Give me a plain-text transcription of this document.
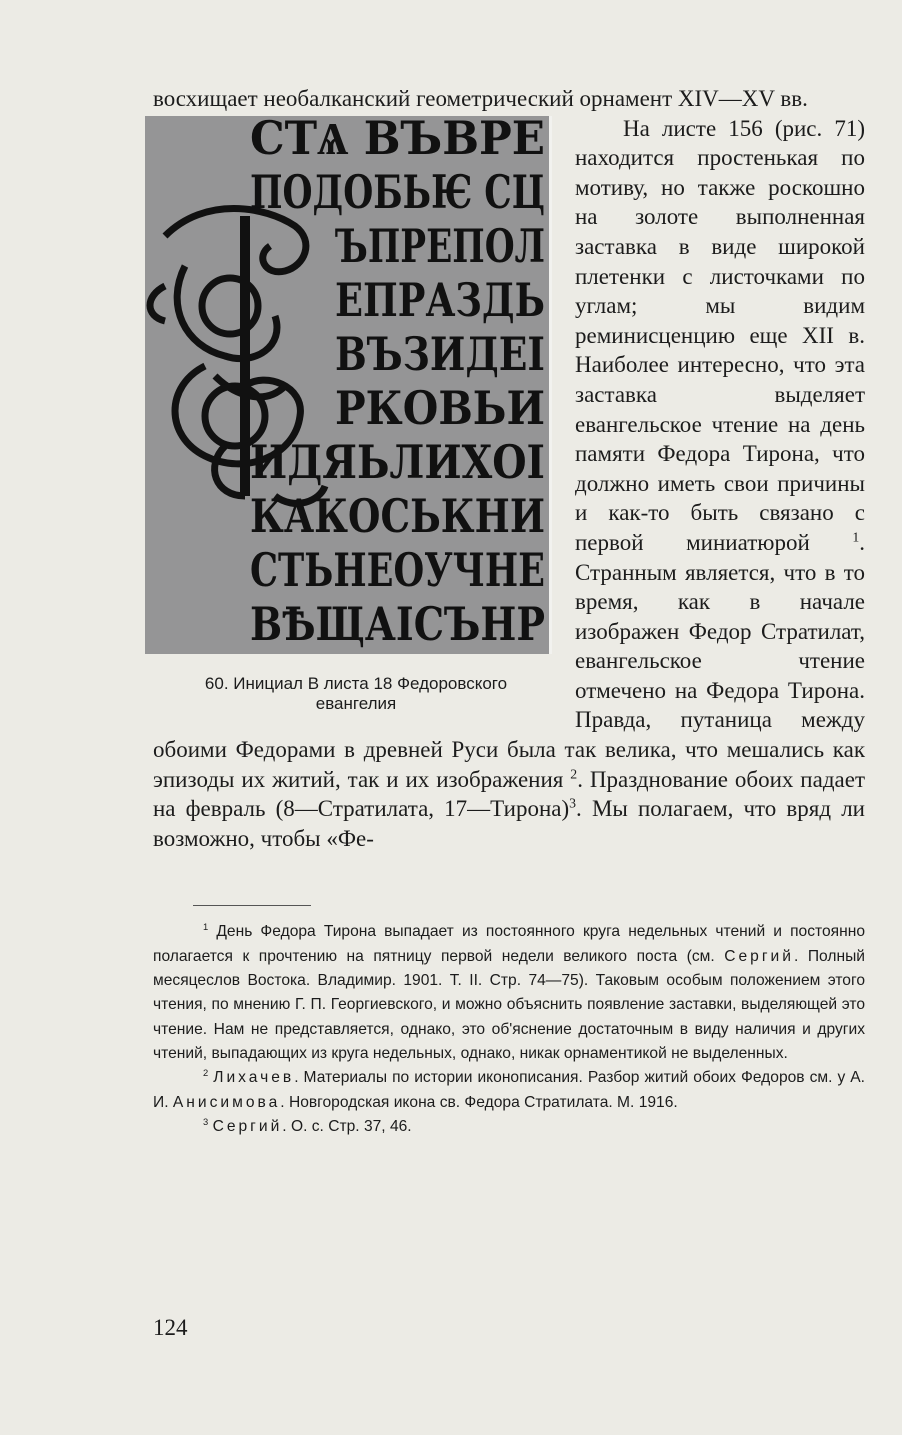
восхищает необалканский геометрический орнамент XIV—XV вв.

СТѦ ВЪВРЕ
ПОДОБЬѤ СЦ
ЪПРЕПОЛ
ЕПРАЗДЬ
ВЪЗИДЕI
РКОВЬИ
ИДЯЬЛИХОI
КАКОСЬКНИ
СТЬНЕОУЧНЕ
ВѢЩАIСЪНР
60. Инициал В листа 18 Федоровского
евангелия

На листе 156 (рис. 71) находится простенькая по мотиву, но также роскошно на золоте выполненная заставка в виде широкой плетенки с листочками по углам; мы видим реминисценцию еще XII в. Наиболее интересно, что эта заставка выделяет евангельское чтение на день памяти Федора Тирона, что должно иметь свои причины и как-то быть связано с первой миниатюрой	$^1$. Странным является, что в то время, как в начале изображен Федор Стратилат, евангельское чтение отмечено на Федора Тирона. Правда, путаница между обоими Федорами в древней Руси была так велика, что мешались как эпизоды их житий, так и их изображения $^2$. Празднование обоих падает на февраль (8—Стратилата, 17—Тирона)$^3$. Мы полагаем, что вряд ли возможно, чтобы «Фе-

$^1$ День Федора Тирона выпадает из постоянного круга недельных чтений и постоянно полагается к прочтению на пятницу первой недели великого поста (см. Сергий. Полный месяцеслов Востока. Владимир. 1901. Т. II. Стр. 74—75). Таковым особым положением этого чтения, по мнению Г. П. Георгиевского, и можно объяснить появление заставки, выделяющей это чтение. Нам не представляется, однако, это об'яснение достаточным в виду наличия и других чтений, выпадающих из круга недельных, однако, никак орнаментикой не выделенных.

$^2$ Лихачев. Материалы по истории иконописания. Разбор житий обоих Федоров см. у А. И. Анисимова. Новгородская икона св. Федора Стратилата. М. 1916.

$^3$ Сергий. О. с. Стр. 37, 46.

124
